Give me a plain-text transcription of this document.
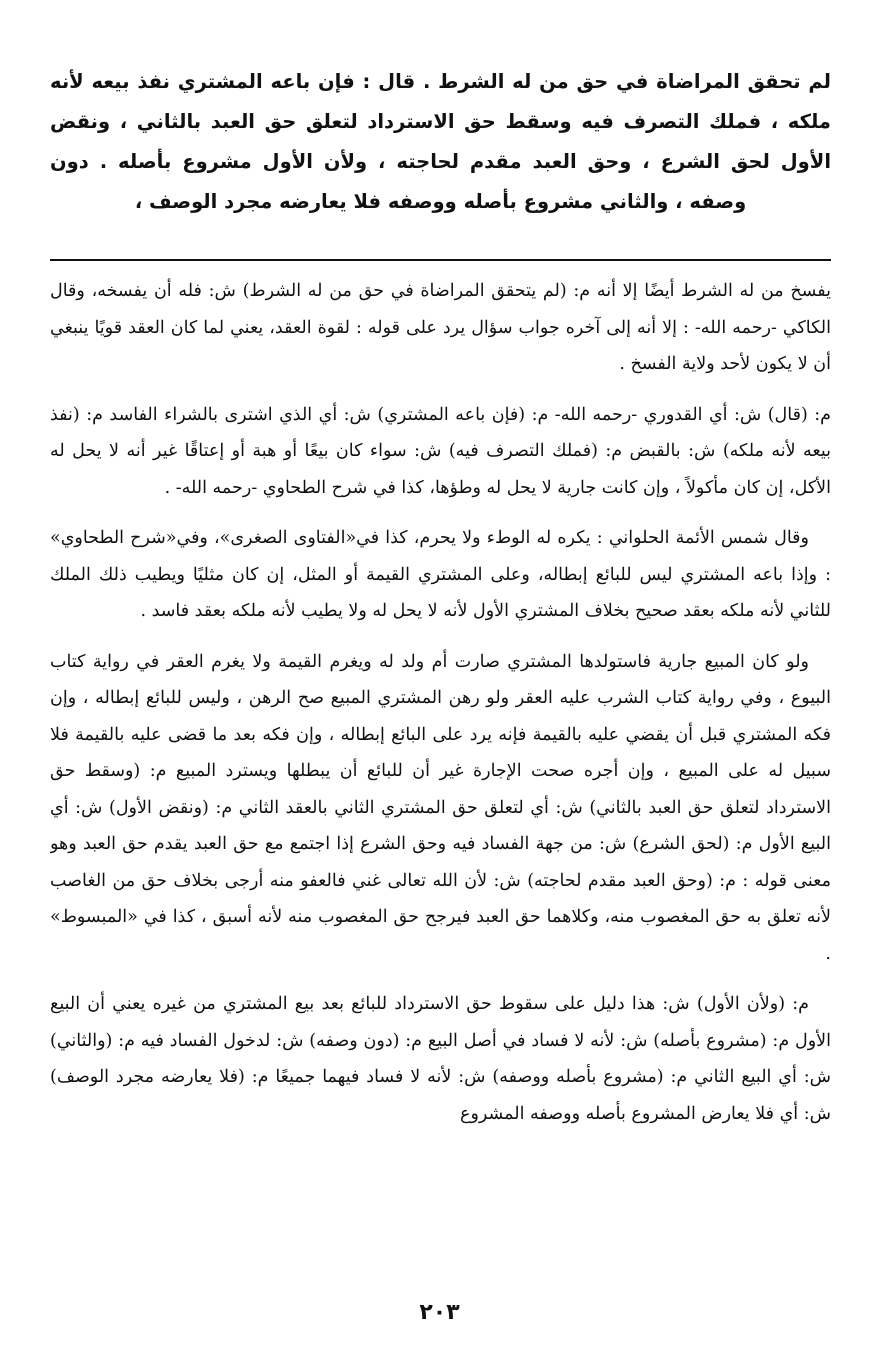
لم تحقق المراضاة في حق من له الشرط . قال : فإن باعه المشتري نفذ بيعه لأنه ملكه ، فملك التصرف فيه وسقط حق الاسترداد لتعلق حق العبد بالثاني ، ونقض الأول لحق الشرع ، وحق العبد مقدم لحاجته ، ولأن الأول مشروع بأصله . دون وصفه ، والثاني مشروع بأصله ووصفه فلا يعارضه مجرد الوصف ،

يفسخ من له الشرط أيضًا إلا أنه م: (لم يتحقق المراضاة في حق من له الشرط) ش: فله أن يفسخه، وقال الكاكي -رحمه الله- : إلا أنه إلى آخره جواب سؤال يرد على قوله : لقوة العقد، يعني لما كان العقد قويًا ينبغي أن لا يكون لأحد ولاية الفسخ .

م: (قال) ش: أي القدوري -رحمه الله- م: (فإن باعه المشتري) ش: أي الذي اشترى بالشراء الفاسد م: (نفذ بيعه لأنه ملكه) ش: بالقبض م: (فملك التصرف فيه) ش: سواء كان بيعًا أو هبة أو إعتاقًا غير أنه لا يحل له الأكل، إن كان مأكولاً ، وإن كانت جارية لا يحل له وطؤها، كذا في شرح الطحاوي -رحمه الله- .

وقال شمس الأئمة الحلواني : يكره له الوطء ولا يحرم، كذا في«الفتاوى الصغرى»، وفي«شرح الطحاوي» : وإذا باعه المشتري ليس للبائع إبطاله، وعلى المشتري القيمة أو المثل، إن كان مثليًا ويطيب ذلك الملك للثاني لأنه ملكه بعقد صحيح بخلاف المشتري الأول لأنه لا يحل له ولا يطيب لأنه ملكه بعقد فاسد .

ولو كان المبيع جارية فاستولدها المشتري صارت أم ولد له ويغرم القيمة ولا يغرم العقر في رواية كتاب البيوع ، وفي رواية كتاب الشرب عليه العقر ولو رهن المشتري المبيع صح الرهن ، وليس للبائع إبطاله ، وإن فكه المشتري قبل أن يقضي عليه بالقيمة فإنه يرد على البائع إبطاله ، وإن فكه بعد ما قضى عليه بالقيمة فلا سبيل له على المبيع ، وإن أجره صحت الإجارة غير أن للبائع أن يبطلها ويسترد المبيع م: (وسقط حق الاسترداد لتعلق حق العبد بالثاني) ش: أي لتعلق حق المشتري الثاني بالعقد الثاني م: (ونقض الأول) ش: أي البيع الأول م: (لحق الشرع) ش: من جهة الفساد فيه وحق الشرع إذا اجتمع مع حق العبد يقدم حق العبد وهو معنى قوله : م: (وحق العبد مقدم لحاجته) ش: لأن الله تعالى غني فالعفو منه أرجى بخلاف حق من الغاصب لأنه تعلق به حق المغصوب منه، وكلاهما حق العبد فيرجح حق المغصوب منه لأنه أسبق ، كذا في «المبسوط» .

م: (ولأن الأول) ش: هذا دليل على سقوط حق الاسترداد للبائع بعد بيع المشتري من غيره يعني أن البيع الأول م: (مشروع بأصله) ش: لأنه لا فساد في أصل البيع م: (دون وصفه) ش: لدخول الفساد فيه م: (والثاني) ش: أي البيع الثاني م: (مشروع بأصله ووصفه) ش: لأنه لا فساد فيهما جميعًا م: (فلا يعارضه مجرد الوصف) ش: أي فلا يعارض المشروع بأصله ووصفه المشروع

٢٠٣
